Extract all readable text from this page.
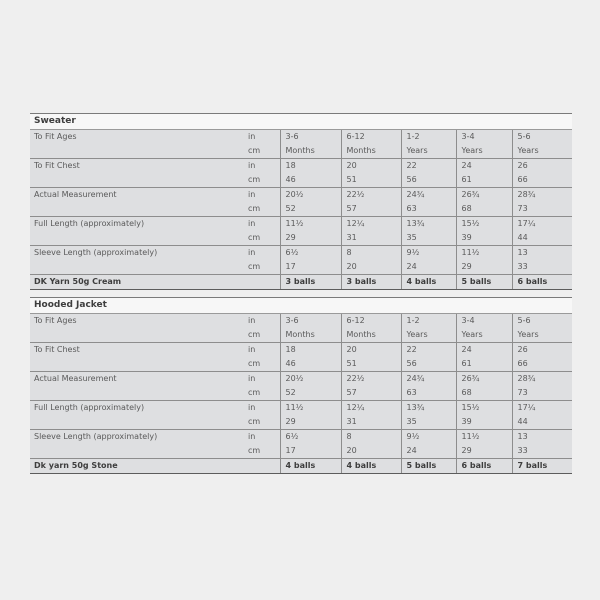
Sweater
To Fit Ages	in	3-6	6-12	1-2	3-4	5-6
	cm	Months	Months	Years	Years	Years
To Fit Chest	in	18	20	22	24	26
	cm	46	51	56	61	66
Actual Measurement	in	20½	22½	24¾	26¾	28¾
	cm	52	57	63	68	73
Full Length (approximately)	in	11½	12¼	13¾	15½	17¼
	cm	29	31	35	39	44
Sleeve Length (approximately)	in	6½	8	9½	11½	13
	cm	17	20	24	29	33
DK Yarn 50g Cream		3 balls	3 balls	4 balls	5 balls	6 balls
Hooded Jacket
To Fit Ages	in	3-6	6-12	1-2	3-4	5-6
	cm	Months	Months	Years	Years	Years
To Fit Chest	in	18	20	22	24	26
	cm	46	51	56	61	66
Actual Measurement	in	20½	22½	24¾	26¾	28¾
	cm	52	57	63	68	73
Full Length (approximately)	in	11½	12¼	13¾	15½	17¼
	cm	29	31	35	39	44
Sleeve Length (approximately)	in	6½	8	9½	11½	13
	cm	17	20	24	29	33
Dk yarn 50g Stone		4 balls	4 balls	5 balls	6 balls	7 balls
